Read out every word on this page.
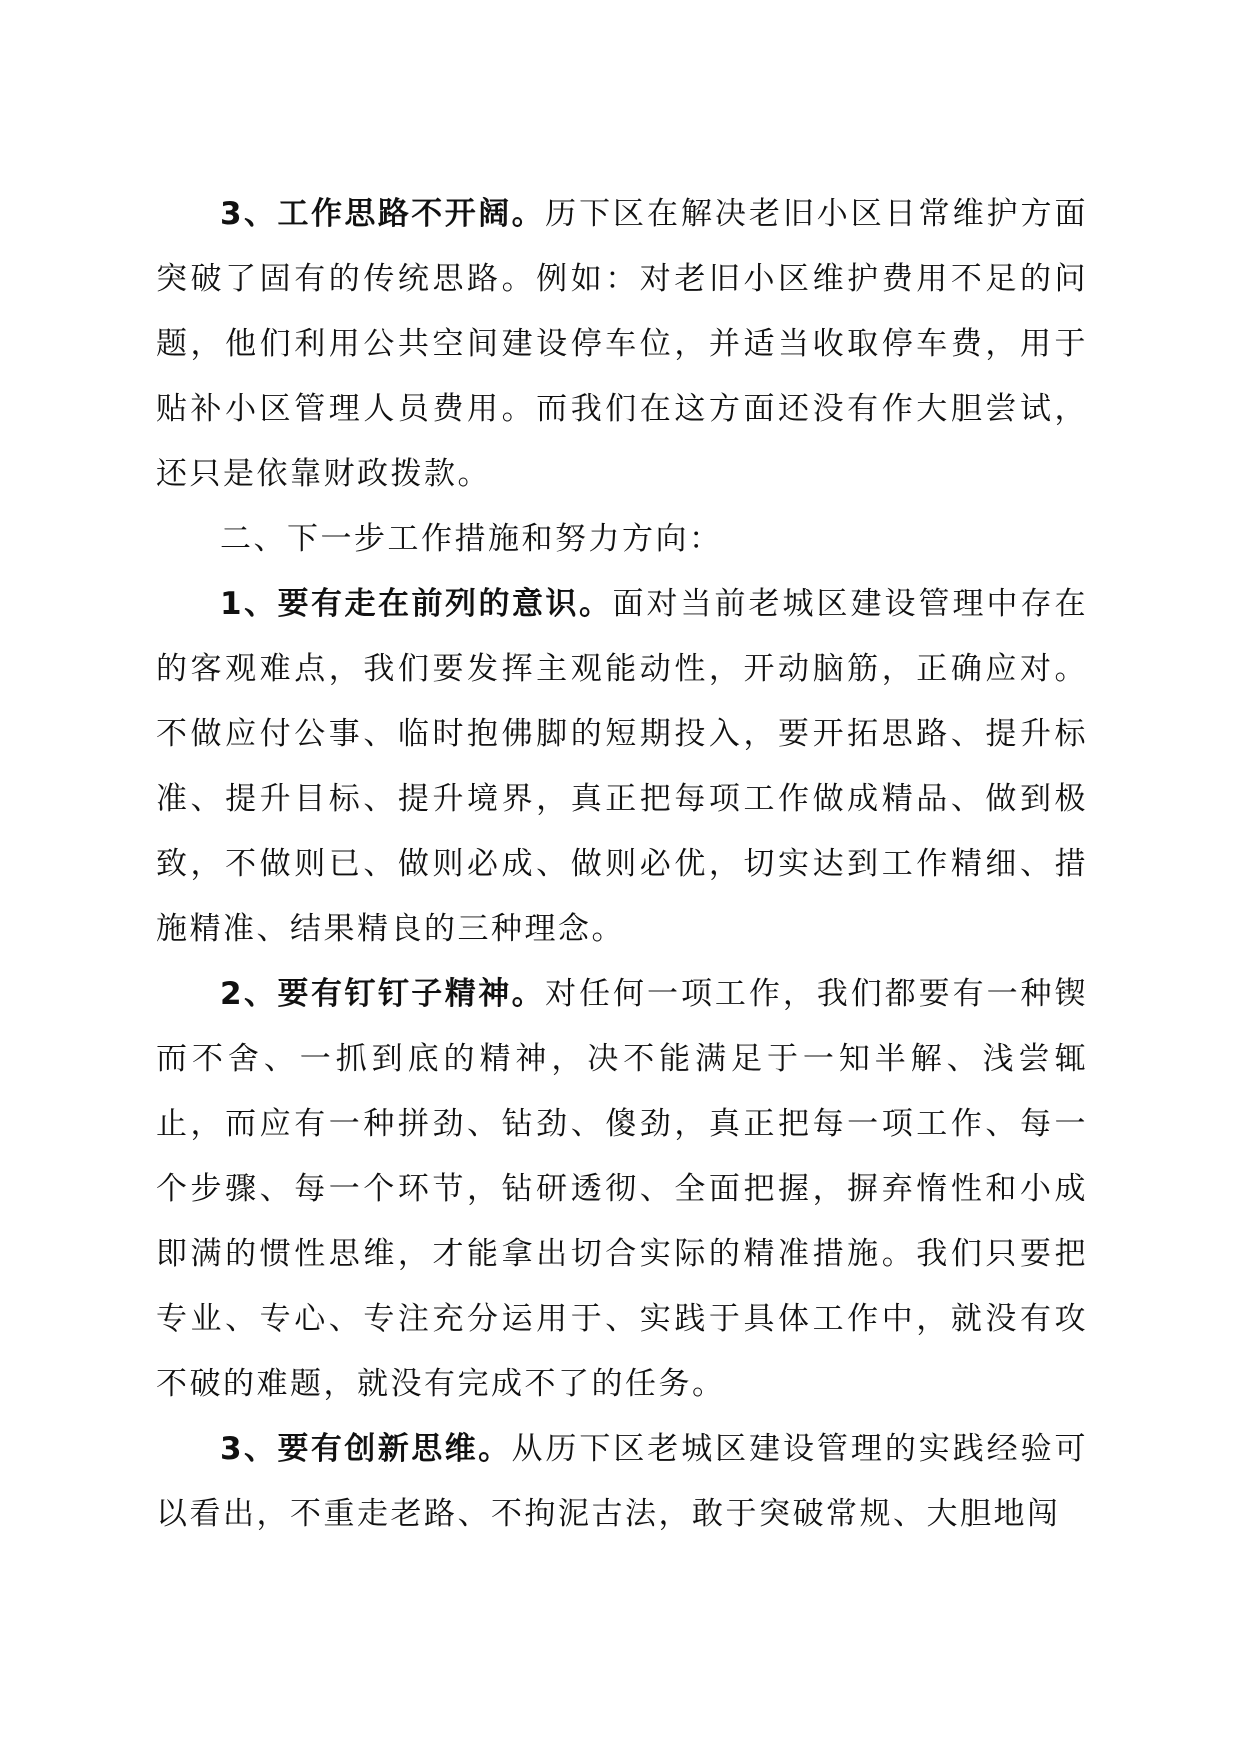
3、工作思路不开阔。历下区在解决老旧小区日常维护方面突破了固有的传统思路。例如：对老旧小区维护费用不足的问题，他们利用公共空间建设停车位，并适当收取停车费，用于贴补小区管理人员费用。而我们在这方面还没有作大胆尝试，还只是依靠财政拨款。

二、下一步工作措施和努力方向：

1、要有走在前列的意识。面对当前老城区建设管理中存在的客观难点，我们要发挥主观能动性，开动脑筋，正确应对。不做应付公事、临时抱佛脚的短期投入，要开拓思路、提升标准、提升目标、提升境界，真正把每项工作做成精品、做到极致，不做则已、做则必成、做则必优，切实达到工作精细、措施精准、结果精良的三种理念。

2、要有钉钉子精神。对任何一项工作，我们都要有一种锲而不舍、一抓到底的精神，决不能满足于一知半解、浅尝辄止，而应有一种拼劲、钻劲、傻劲，真正把每一项工作、每一个步骤、每一个环节，钻研透彻、全面把握，摒弃惰性和小成即满的惯性思维，才能拿出切合实际的精准措施。我们只要把专业、专心、专注充分运用于、实践于具体工作中，就没有攻不破的难题，就没有完成不了的任务。

3、要有创新思维。从历下区老城区建设管理的实践经验可以看出，不重走老路、不拘泥古法，敢于突破常规、大胆地闯
